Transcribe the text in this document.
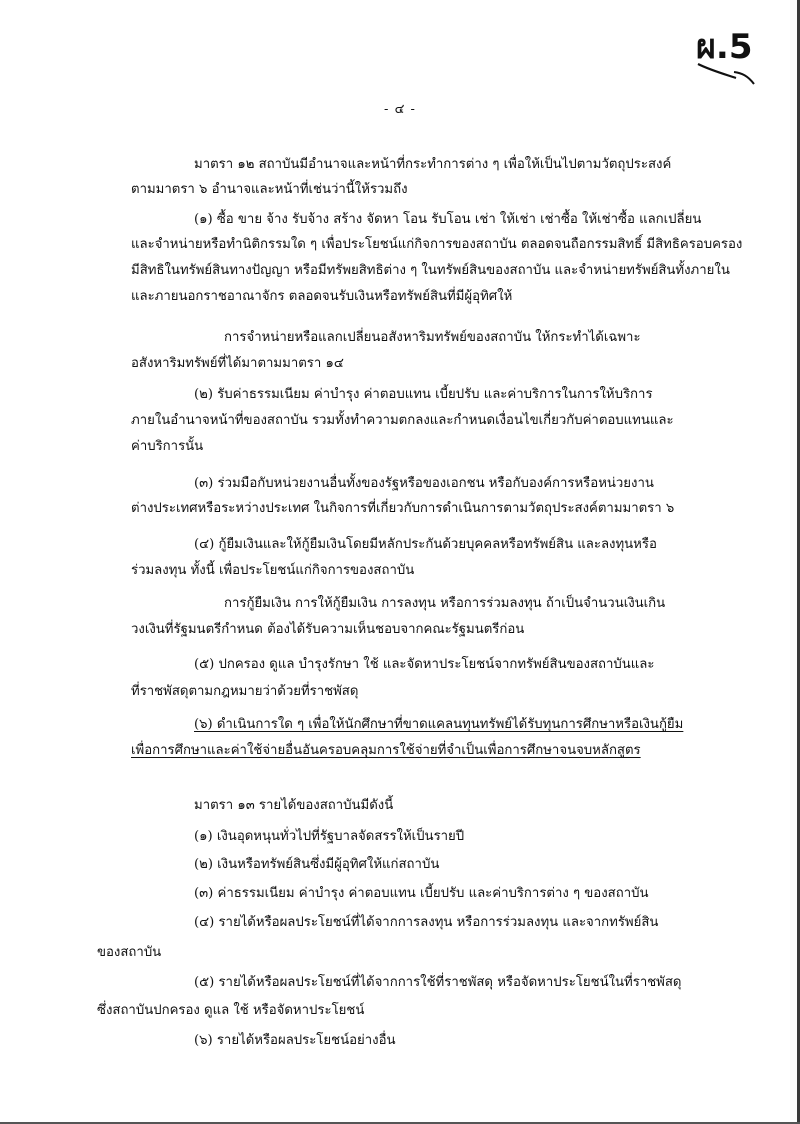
ผ.5
- ๔ -
มาตรา ๑๒ สถาบันมีอำนาจและหน้าที่กระทำการต่าง ๆ เพื่อให้เป็นไปตามวัตถุประสงค์
ตามมาตรา ๖ อำนาจและหน้าที่เช่นว่านี้ให้รวมถึง
(๑) ซื้อ ขาย จ้าง รับจ้าง สร้าง จัดหา โอน รับโอน เช่า ให้เช่า เช่าซื้อ ให้เช่าซื้อ แลกเปลี่ยน
และจำหน่ายหรือทำนิติกรรมใด ๆ เพื่อประโยชน์แก่กิจการของสถาบัน ตลอดจนถือกรรมสิทธิ์ มีสิทธิครอบครอง
มีสิทธิในทรัพย์สินทางปัญญา หรือมีทรัพยสิทธิต่าง ๆ ในทรัพย์สินของสถาบัน และจำหน่ายทรัพย์สินทั้งภายใน
และภายนอกราชอาณาจักร ตลอดจนรับเงินหรือทรัพย์สินที่มีผู้อุทิศให้
การจำหน่ายหรือแลกเปลี่ยนอสังหาริมทรัพย์ของสถาบัน ให้กระทำได้เฉพาะ
อสังหาริมทรัพย์ที่ได้มาตามมาตรา ๑๔
(๒) รับค่าธรรมเนียม ค่าบำรุง ค่าตอบแทน เบี้ยปรับ และค่าบริการในการให้บริการ
ภายในอำนาจหน้าที่ของสถาบัน รวมทั้งทำความตกลงและกำหนดเงื่อนไขเกี่ยวกับค่าตอบแทนและ
ค่าบริการนั้น
(๓) ร่วมมือกับหน่วยงานอื่นทั้งของรัฐหรือของเอกชน หรือกับองค์การหรือหน่วยงาน
ต่างประเทศหรือระหว่างประเทศ ในกิจการที่เกี่ยวกับการดำเนินการตามวัตถุประสงค์ตามมาตรา ๖
(๔) กู้ยืมเงินและให้กู้ยืมเงินโดยมีหลักประกันด้วยบุคคลหรือทรัพย์สิน และลงทุนหรือ
ร่วมลงทุน ทั้งนี้ เพื่อประโยชน์แก่กิจการของสถาบัน
การกู้ยืมเงิน การให้กู้ยืมเงิน การลงทุน หรือการร่วมลงทุน ถ้าเป็นจำนวนเงินเกิน
วงเงินที่รัฐมนตรีกำหนด ต้องได้รับความเห็นชอบจากคณะรัฐมนตรีก่อน
(๕) ปกครอง ดูแล บำรุงรักษา ใช้ และจัดหาประโยชน์จากทรัพย์สินของสถาบันและ
ที่ราชพัสดุตามกฎหมายว่าด้วยที่ราชพัสดุ
(๖) ดำเนินการใด ๆ เพื่อให้นักศึกษาที่ขาดแคลนทุนทรัพย์ได้รับทุนการศึกษาหรือเงินกู้ยืม
เพื่อการศึกษาและค่าใช้จ่ายอื่นอันครอบคลุมการใช้จ่ายที่จำเป็นเพื่อการศึกษาจนจบหลักสูตร
มาตรา ๑๓ รายได้ของสถาบันมีดังนี้
(๑) เงินอุดหนุนทั่วไปที่รัฐบาลจัดสรรให้เป็นรายปี
(๒) เงินหรือทรัพย์สินซึ่งมีผู้อุทิศให้แก่สถาบัน
(๓) ค่าธรรมเนียม ค่าบำรุง ค่าตอบแทน เบี้ยปรับ และค่าบริการต่าง ๆ ของสถาบัน
(๔) รายได้หรือผลประโยชน์ที่ได้จากการลงทุน หรือการร่วมลงทุน และจากทรัพย์สิน
ของสถาบัน
(๕) รายได้หรือผลประโยชน์ที่ได้จากการใช้ที่ราชพัสดุ หรือจัดหาประโยชน์ในที่ราชพัสดุ
ซึ่งสถาบันปกครอง ดูแล ใช้ หรือจัดหาประโยชน์
(๖) รายได้หรือผลประโยชน์อย่างอื่น
